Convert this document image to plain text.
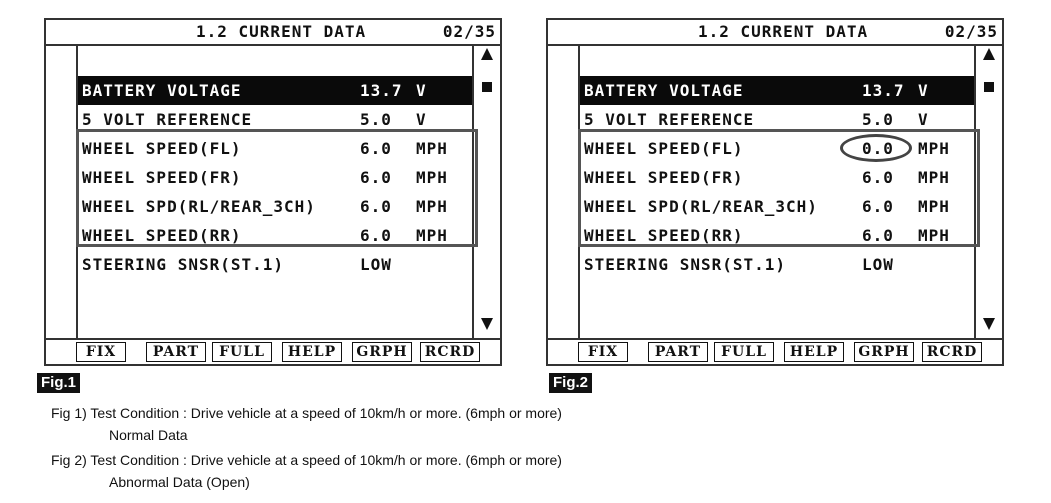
1.2 CURRENT DATA	02/35
BATTERY VOLTAGE	13.7 V
5 VOLT REFERENCE	5.0 V
WHEEL SPEED(FL)	6.0 MPH
WHEEL SPEED(FR)	6.0 MPH
WHEEL SPD(RL/REAR_3CH)	6.0 MPH
WHEEL SPEED(RR)	6.0 MPH
STEERING SNSR(ST.1)	LOW
FIX	PART	FULL	HELP	GRPH	RCRD
1.2 CURRENT DATA	02/35
BATTERY VOLTAGE	13.7 V
5 VOLT REFERENCE	5.0 V
WHEEL SPEED(FL)	0.0 MPH
WHEEL SPEED(FR)	6.0 MPH
WHEEL SPD(RL/REAR_3CH)	6.0 MPH
WHEEL SPEED(RR)	6.0 MPH
STEERING SNSR(ST.1)	LOW
FIX	PART	FULL	HELP	GRPH	RCRD
Fig.1	Fig.2
Fig 1) Test Condition : Drive vehicle at a speed of 10km/h or more. (6mph or more)
Normal Data
Fig 2) Test Condition : Drive vehicle at a speed of 10km/h or more. (6mph or more)
Abnormal Data (Open)
